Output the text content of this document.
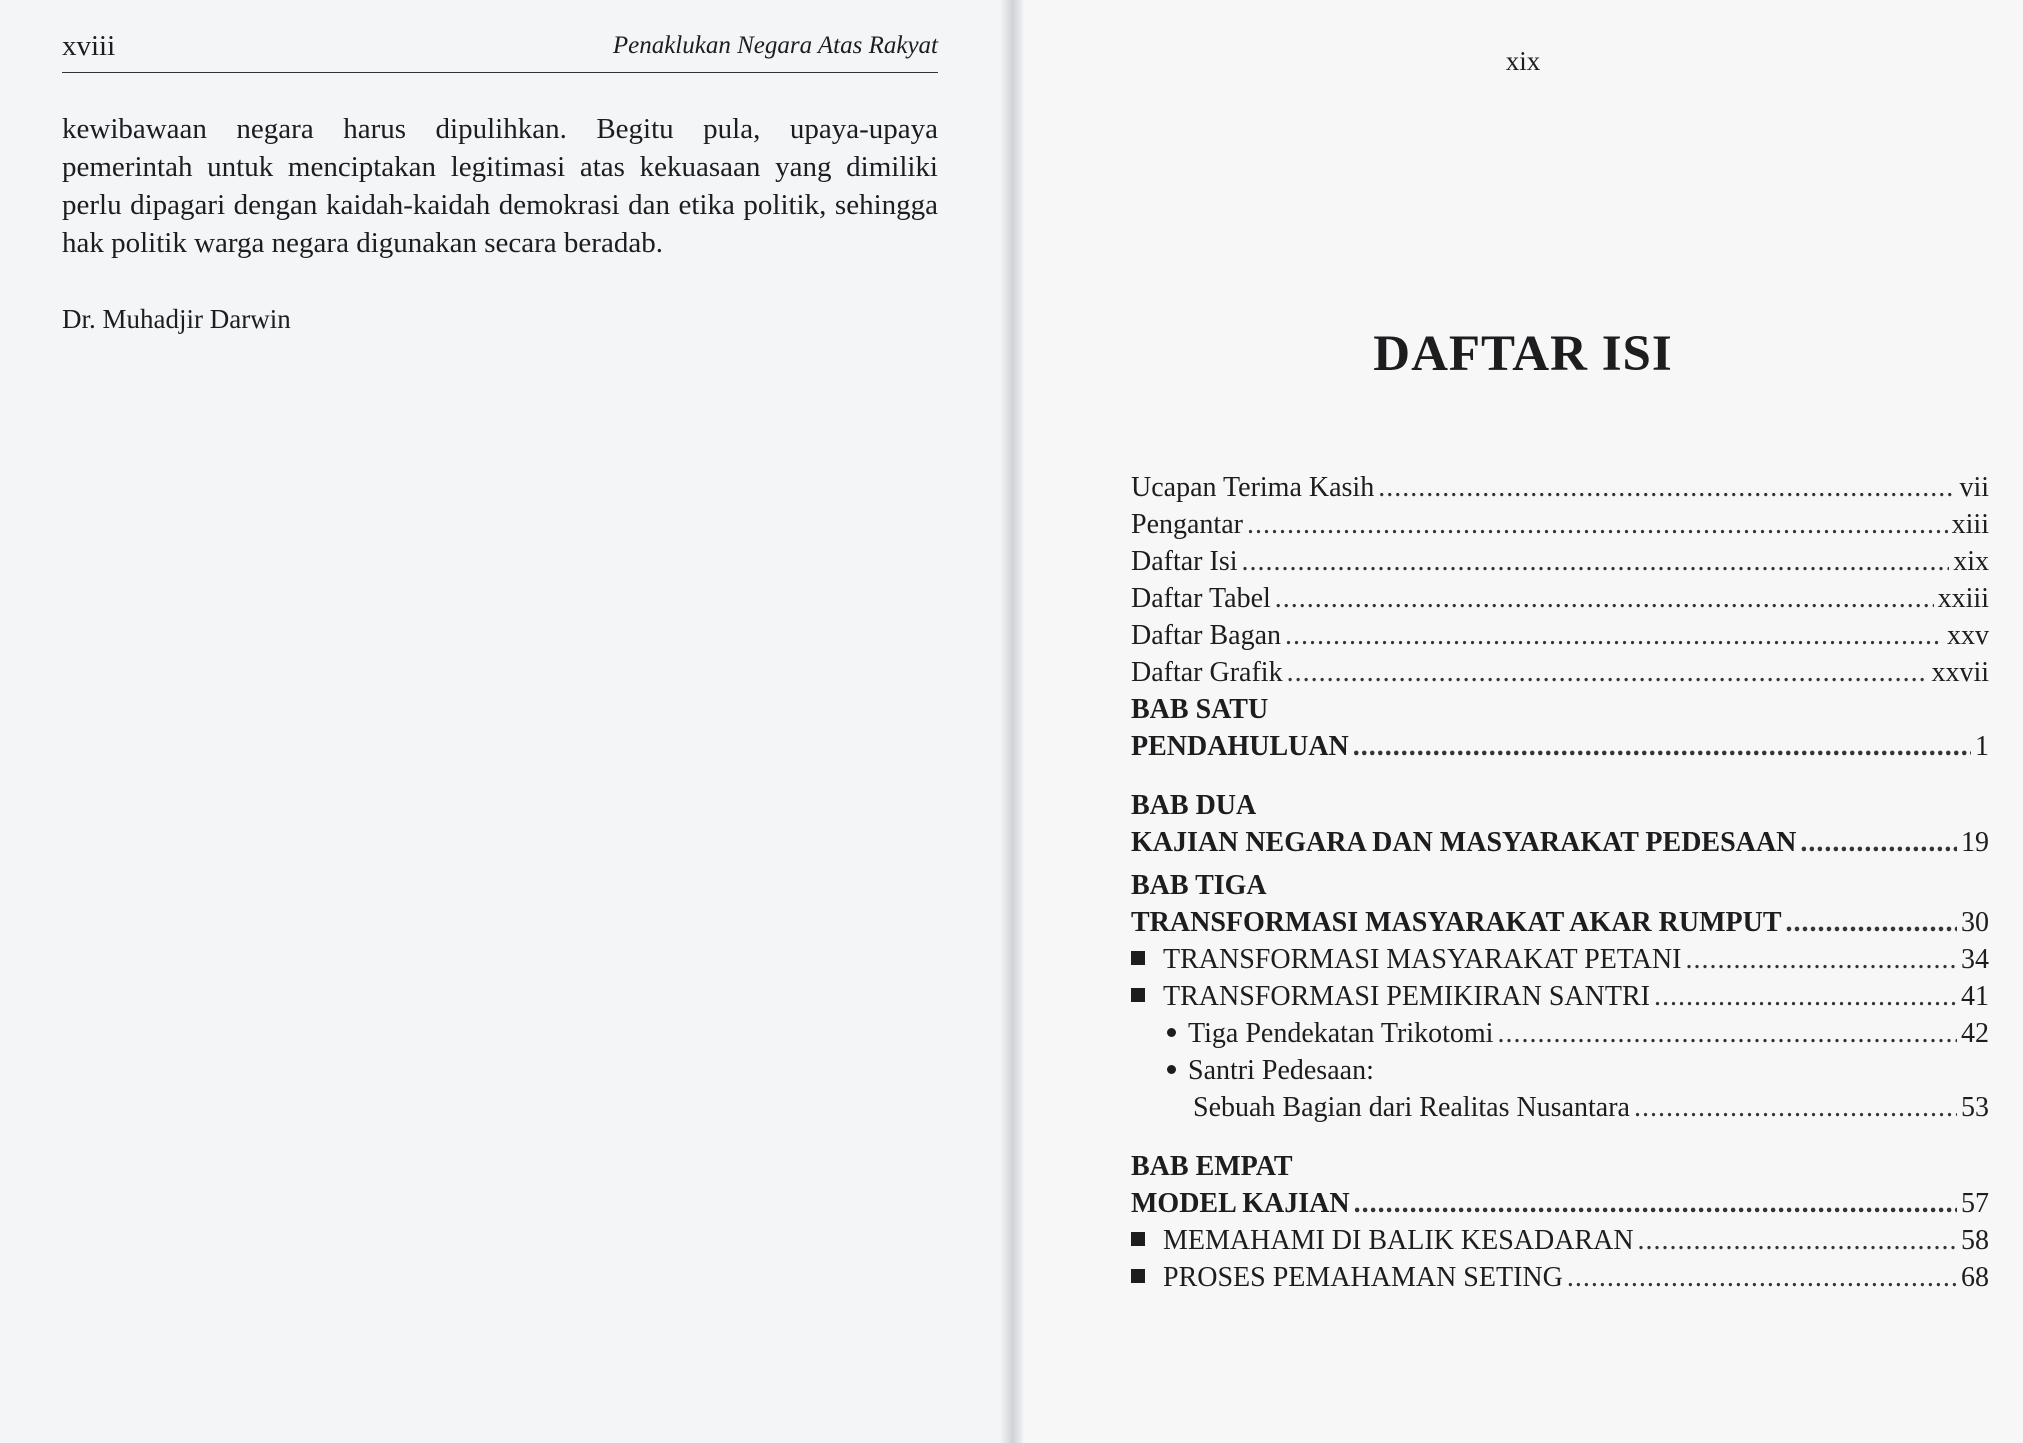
xviii	Penaklukan Negara Atas Rakyat

kewibawaan negara harus dipulihkan. Begitu pula, upaya-upaya pemerintah untuk menciptakan legitimasi atas kekuasaan yang dimiliki perlu dipagari dengan kaidah-kaidah demokrasi dan etika politik, sehingga hak politik warga negara digunakan secara beradab.

Dr. Muhadjir Darwin
xix
DAFTAR ISI
Ucapan Terima Kasih .....	vii
Pengantar .....	xiii
Daftar Isi .....	xix
Daftar Tabel .....	xxiii
Daftar Bagan .....	xxv
Daftar Grafik .....	xxvii
BAB SATU
PENDAHULUAN .....	1
BAB DUA
KAJIAN NEGARA DAN MASYARAKAT PEDESAAN .....	19
BAB TIGA
TRANSFORMASI MASYARAKAT AKAR RUMPUT .....	30
TRANSFORMASI MASYARAKAT PETANI .....	34
TRANSFORMASI PEMIKIRAN SANTRI .....	41
Tiga Pendekatan Trikotomi .....	42
Santri Pedesaan:
Sebuah Bagian dari Realitas Nusantara .....	53
BAB EMPAT
MODEL KAJIAN .....	57
MEMAHAMI DI BALIK KESADARAN .....	58
PROSES PEMAHAMAN SETING .....	68
